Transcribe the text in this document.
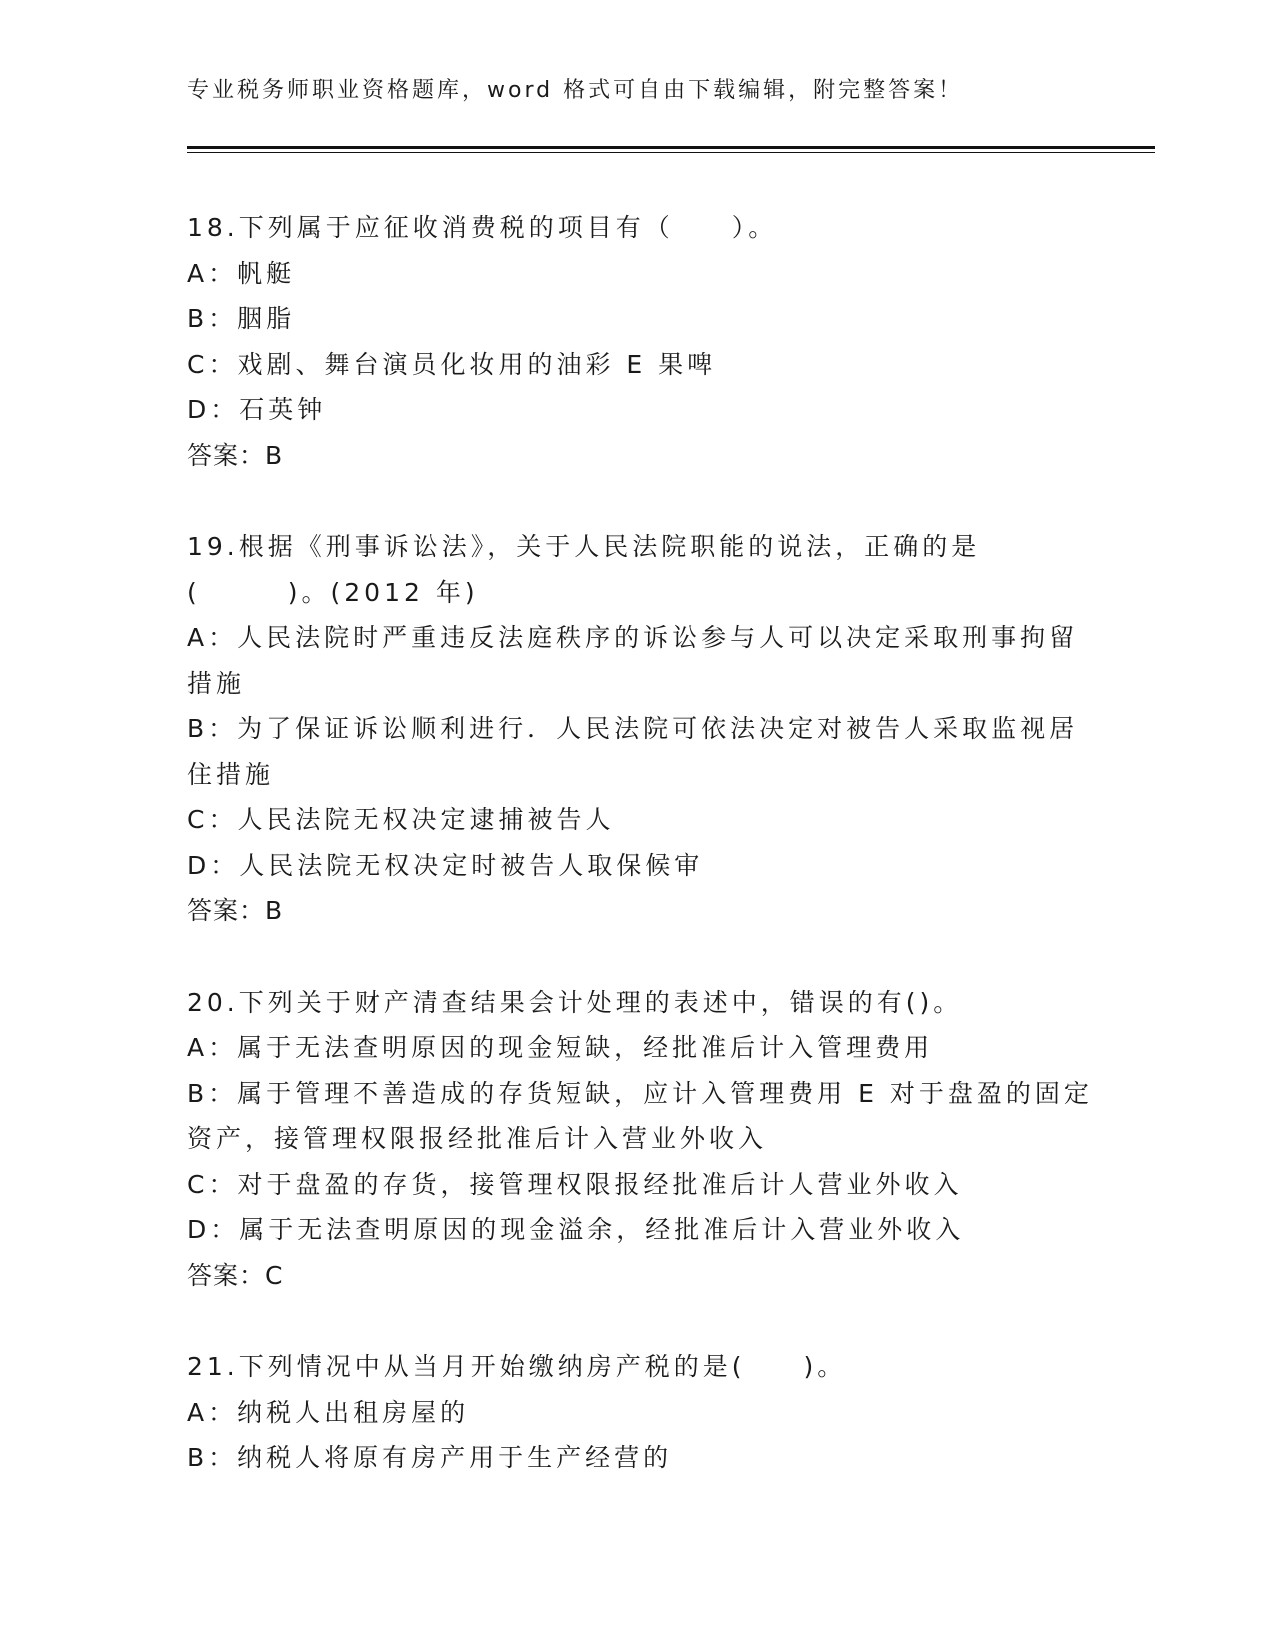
专业税务师职业资格题库，word 格式可自由下载编辑，附完整答案！
18.下列属于应征收消费税的项目有（　　）。
A：帆艇
B：胭脂
C：戏剧、舞台演员化妆用的油彩 E 果啤
D：石英钟
答案：B
19.根据《刑事诉讼法》，关于人民法院职能的说法，正确的是
(　　　)。(2012 年)
A：人民法院时严重违反法庭秩序的诉讼参与人可以决定采取刑事拘留
措施
B：为了保证诉讼顺利进行．人民法院可依法决定对被告人采取监视居
住措施
C：人民法院无权决定逮捕被告人
D：人民法院无权决定时被告人取保候审
答案：B
20.下列关于财产清查结果会计处理的表述中，错误的有()。
A：属于无法查明原因的现金短缺，经批准后计入管理费用
B：属于管理不善造成的存货短缺，应计入管理费用 E 对于盘盈的固定
资产，接管理权限报经批准后计入营业外收入
C：对于盘盈的存货，接管理权限报经批准后计人营业外收入
D：属于无法查明原因的现金溢余，经批准后计入营业外收入
答案：C
21.下列情况中从当月开始缴纳房产税的是(　　)。
A：纳税人出租房屋的
B：纳税人将原有房产用于生产经营的
